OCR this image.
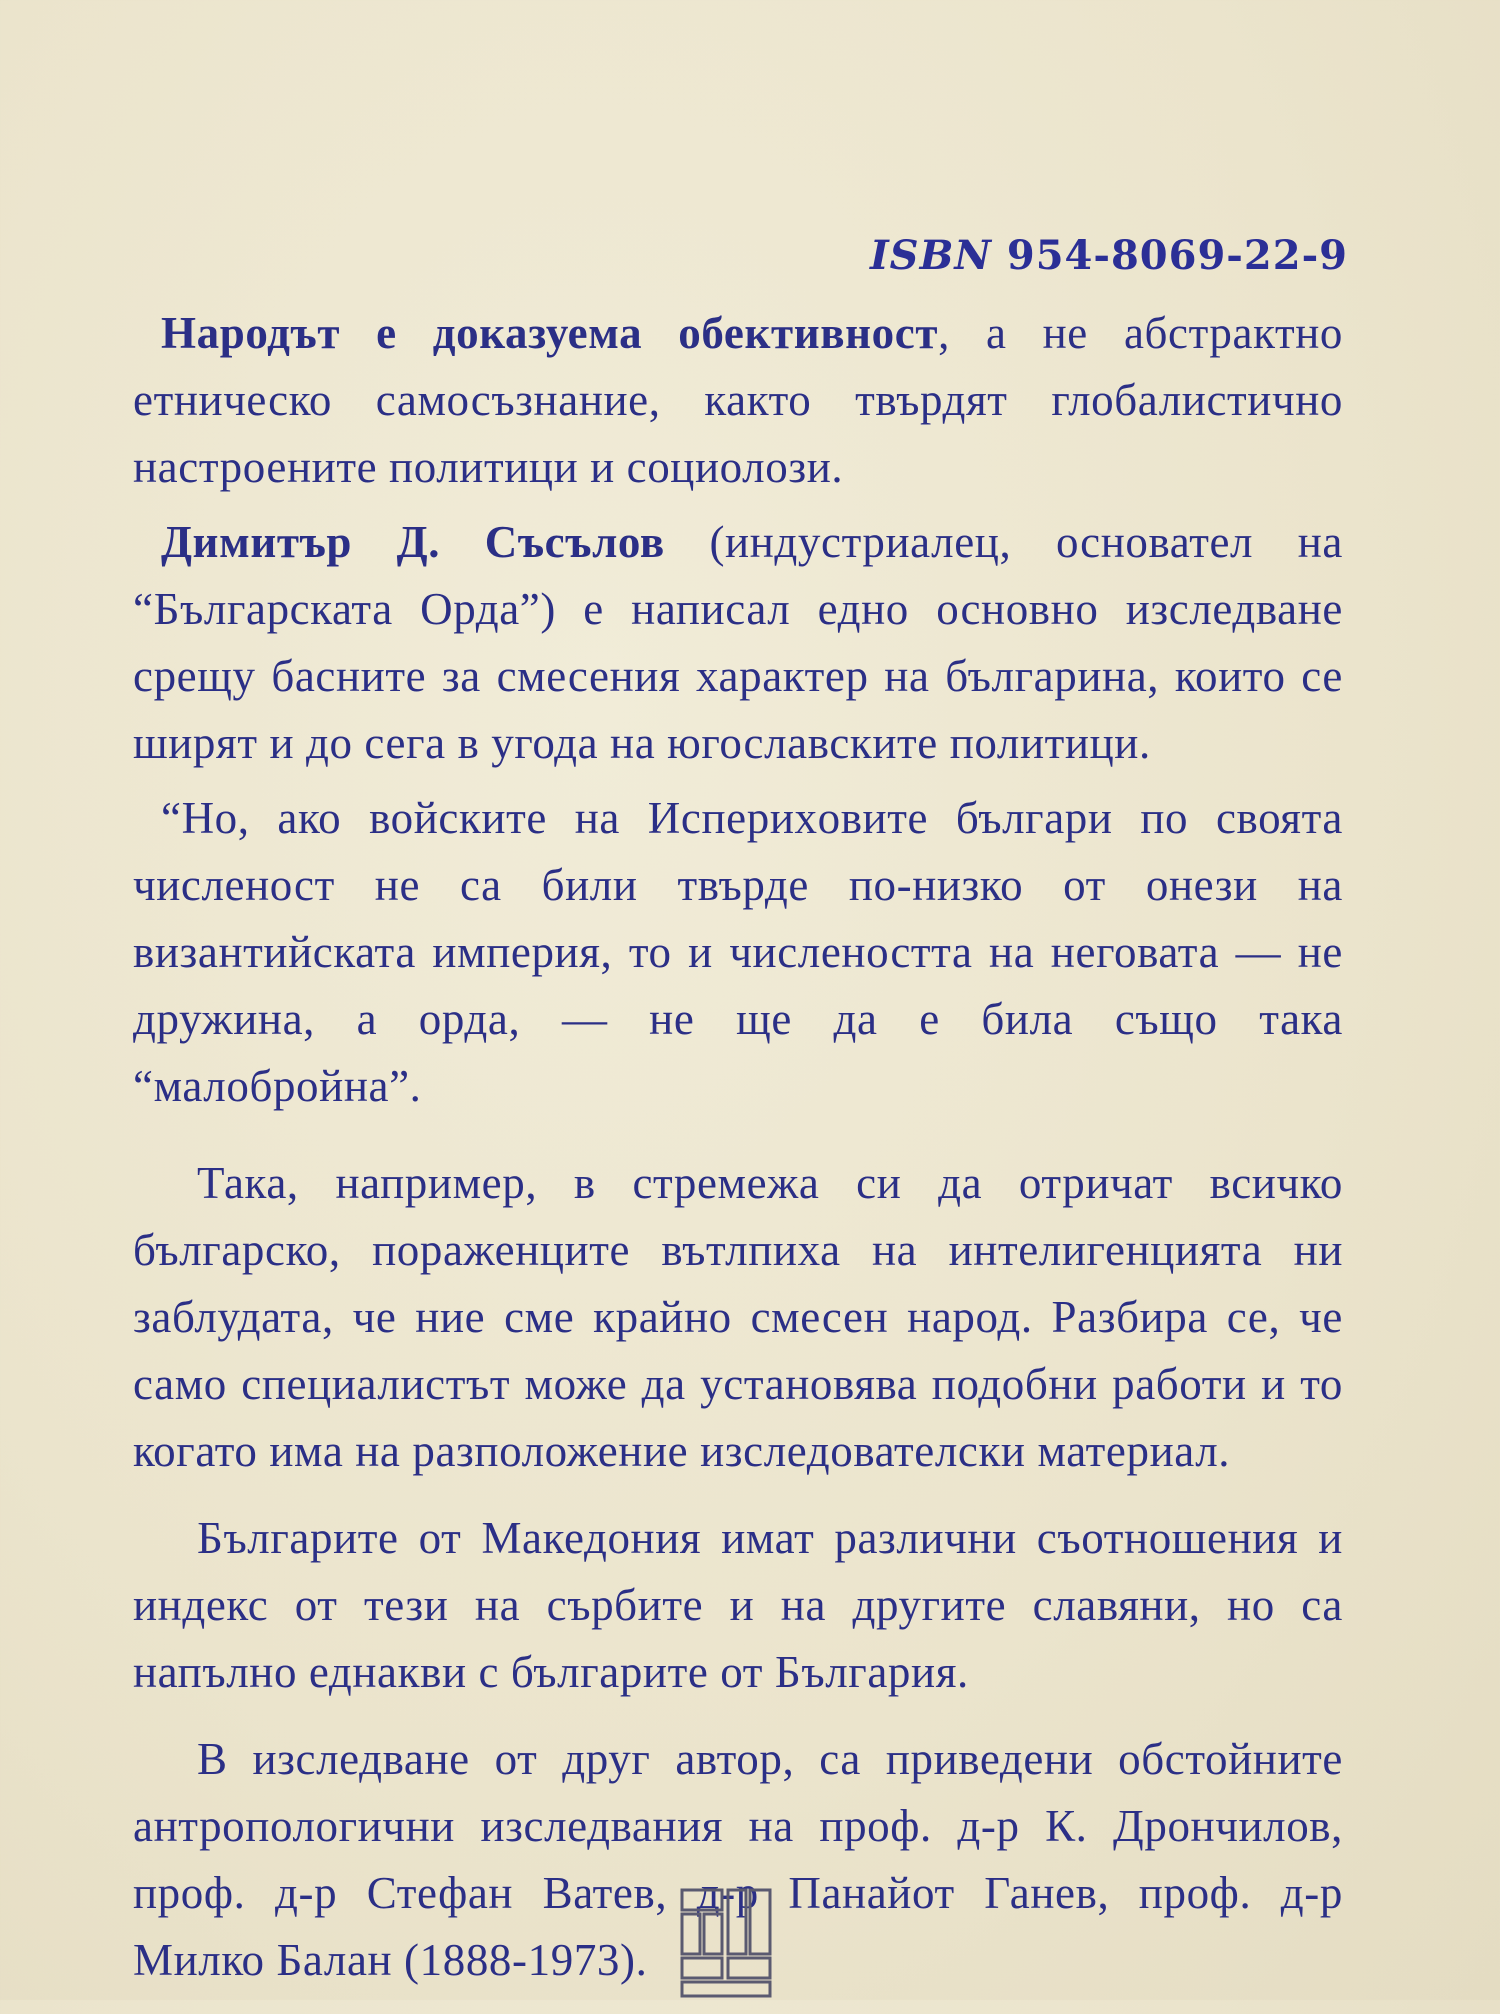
ISBN 954-8069-22-9

Народът е доказуема обективност, а не абстрактно етническо самосъзнание, както твърдят глобалистично настроените политици и социолози.

Димитър Д. Съсълов (индустриалец, основател на “Българската Орда”) е написал едно основно изследване срещу басните за смесения характер на българина, които се ширят и до сега в угода на югославските политици.

“Но, ако войските на Исперихoвите българи по своята численост не са били твърде по-низко от онези на византийската империя, то и числеността на неговата — не дружина, а орда, — не ще да е била също така “малобройна”.

Така, например, в стремежа си да отричат всичко българско, пораженците вътлпиха на интелигенцията ни заблудата, че ние сме крайно смесен народ. Разбира се, че само специалистът може да установява подобни работи и то когато има на разположение изследователски материал.

Българите от Македония имат различни съотношения и индекс от тези на сърбите и на другите славяни, но са напълно еднакви с българите от България.

В изследване от друг автор, са приведени обстойните антропологични изследвания на проф. д-р К. Дрончилов, проф. д-р Стефан Ватев, д-р Панайот Ганев, проф. д-р Милко Балан (1888-1973).
